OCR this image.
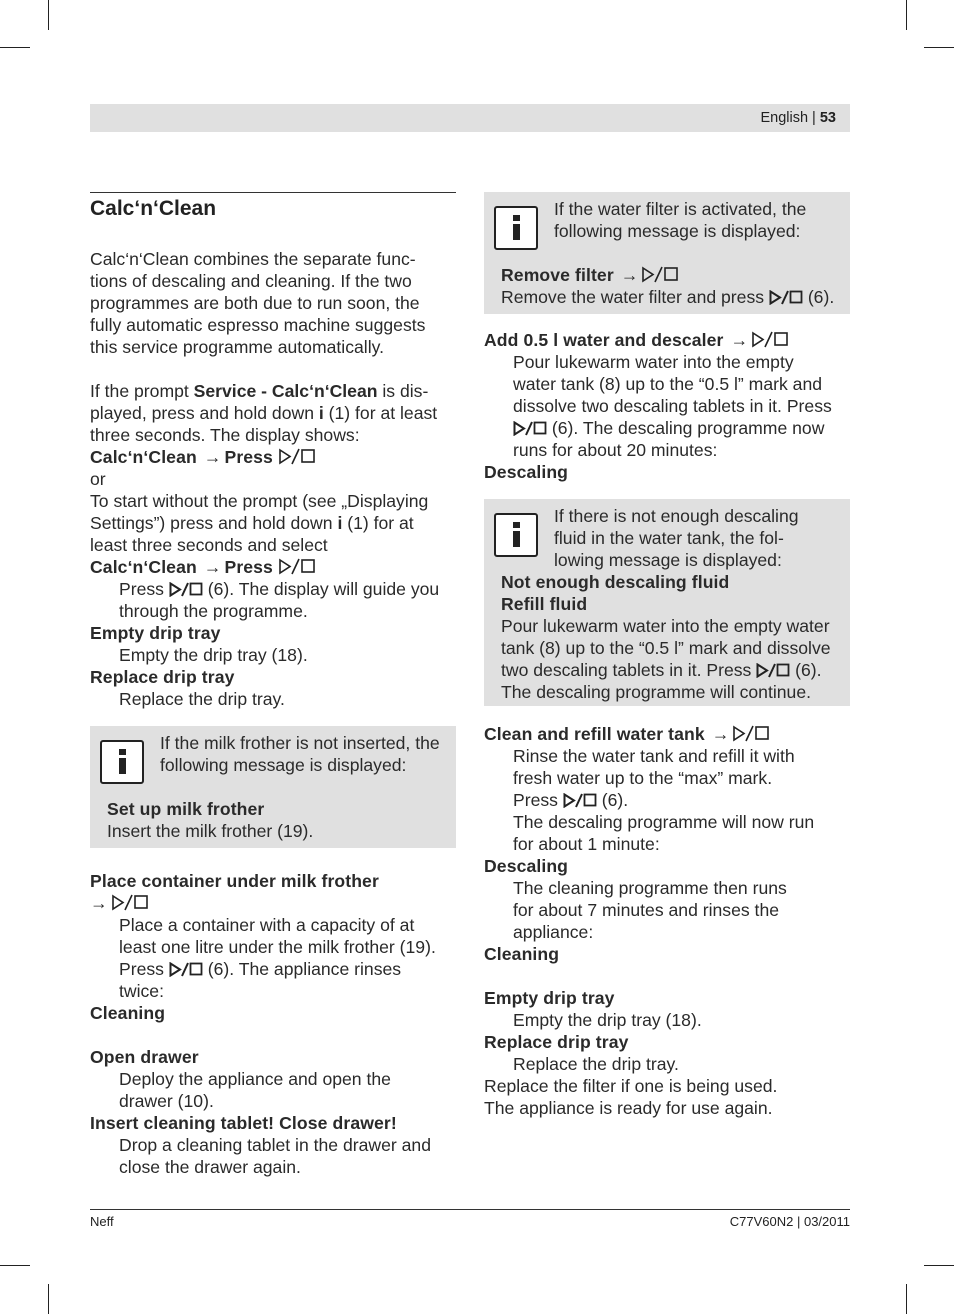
English | 53
Calc‘n‘Clean

Calc‘n‘Clean combines the separate func-

tions of descaling and cleaning. If the two

programmes are both due to run soon, the

fully automatic espresso machine suggests

this service programme automatically.

If the prompt Service - Calc‘n‘Clean is dis-

played, press and hold down i (1) for at least

three seconds. The display shows:

Calc‘n‘Clean → Press

or

To start without the prompt (see „Displaying

Settings”) press and hold down i (1) for at

least three seconds and select

Calc‘n‘Clean → Press

Press  (6). The display will guide you

through the programme.

Empty drip tray

Empty the drip tray (18).

Replace drip tray

Replace the drip tray.

If the milk frother is not inserted, the

following message is displayed:

Set up milk frother

Insert the milk frother (19).

Place container under milk frother

→

Place a container with a capacity of at

least one litre under the milk frother (19).

Press  (6). The appliance rinses

twice:

Cleaning

Open drawer

Deploy the appliance and open the

drawer (10).

Insert cleaning tablet! Close drawer!

Drop a cleaning tablet in the drawer and

close the drawer again.

If the water filter is activated, the

following message is displayed:

Remove filter →

Remove the water filter and press  (6).

Add 0.5 l water and descaler →

Pour lukewarm water into the empty

water tank (8) up to the “0.5 l” mark and

dissolve two descaling tablets in it. Press

(6). The descaling programme now

runs for about 20 minutes:

Descaling

If there is not enough descaling

fluid in the water tank, the fol-

lowing message is displayed:

Not enough descaling fluid

Refill fluid

Pour lukewarm water into the empty water

tank (8) up to the “0.5 l” mark and dissolve

two descaling tablets in it. Press  (6).

The descaling programme will continue.

Clean and refill water tank →

Rinse the water tank and refill it with

fresh water up to the “max” mark.

Press  (6).

The descaling programme will now run

for about 1 minute:

Descaling

The cleaning programme then runs

for about 7 minutes and rinses the

appliance:

Cleaning

Empty drip tray

Empty the drip tray (18).

Replace drip tray

Replace the drip tray.

Replace the filter if one is being used.

The appliance is ready for use again.

Neff	C77V60N2 | 03/2011
